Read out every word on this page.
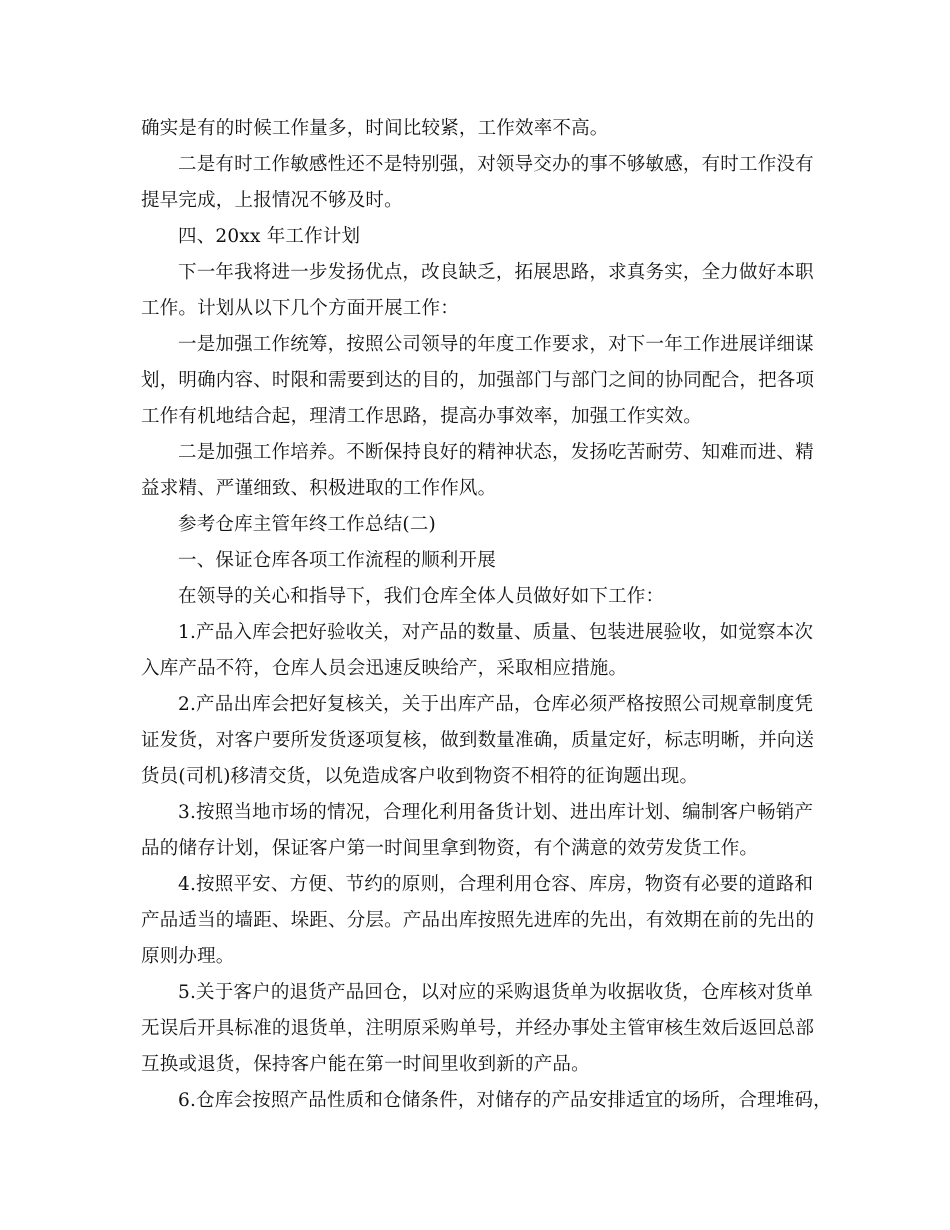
确实是有的时候工作量多，时间比较紧，工作效率不高。
二是有时工作敏感性还不是特别强，对领导交办的事不够敏感，有时工作没有
提早完成，上报情况不够及时。
四、20xx 年工作计划
下一年我将进一步发扬优点，改良缺乏，拓展思路，求真务实，全力做好本职
工作。计划从以下几个方面开展工作：
一是加强工作统筹，按照公司领导的年度工作要求，对下一年工作进展详细谋
划，明确内容、时限和需要到达的目的，加强部门与部门之间的协同配合，把各项
工作有机地结合起，理清工作思路，提高办事效率，加强工作实效。
二是加强工作培养。不断保持良好的精神状态，发扬吃苦耐劳、知难而进、精
益求精、严谨细致、积极进取的工作作风。
参考仓库主管年终工作总结(二)
一、保证仓库各项工作流程的顺利开展
在领导的关心和指导下，我们仓库全体人员做好如下工作：
1.产品入库会把好验收关，对产品的数量、质量、包装进展验收，如觉察本次
入库产品不符，仓库人员会迅速反映给产，采取相应措施。
2.产品出库会把好复核关，关于出库产品，仓库必须严格按照公司规章制度凭
证发货，对客户要所发货逐项复核，做到数量准确，质量定好，标志明晰，并向送
货员(司机)移清交货，以免造成客户收到物资不相符的征询题出现。
3.按照当地市场的情况，合理化利用备货计划、进出库计划、编制客户畅销产
品的储存计划，保证客户第一时间里拿到物资，有个满意的效劳发货工作。
4.按照平安、方便、节约的原则，合理利用仓容、库房，物资有必要的道路和
产品适当的墙距、垛距、分层。产品出库按照先进库的先出，有效期在前的先出的
原则办理。
5.关于客户的退货产品回仓，以对应的采购退货单为收据收货，仓库核对货单
无误后开具标准的退货单，注明原采购单号，并经办事处主管审核生效后返回总部
互换或退货，保持客户能在第一时间里收到新的产品。
6.仓库会按照产品性质和仓储条件，对储存的产品安排适宜的场所，合理堆码，
